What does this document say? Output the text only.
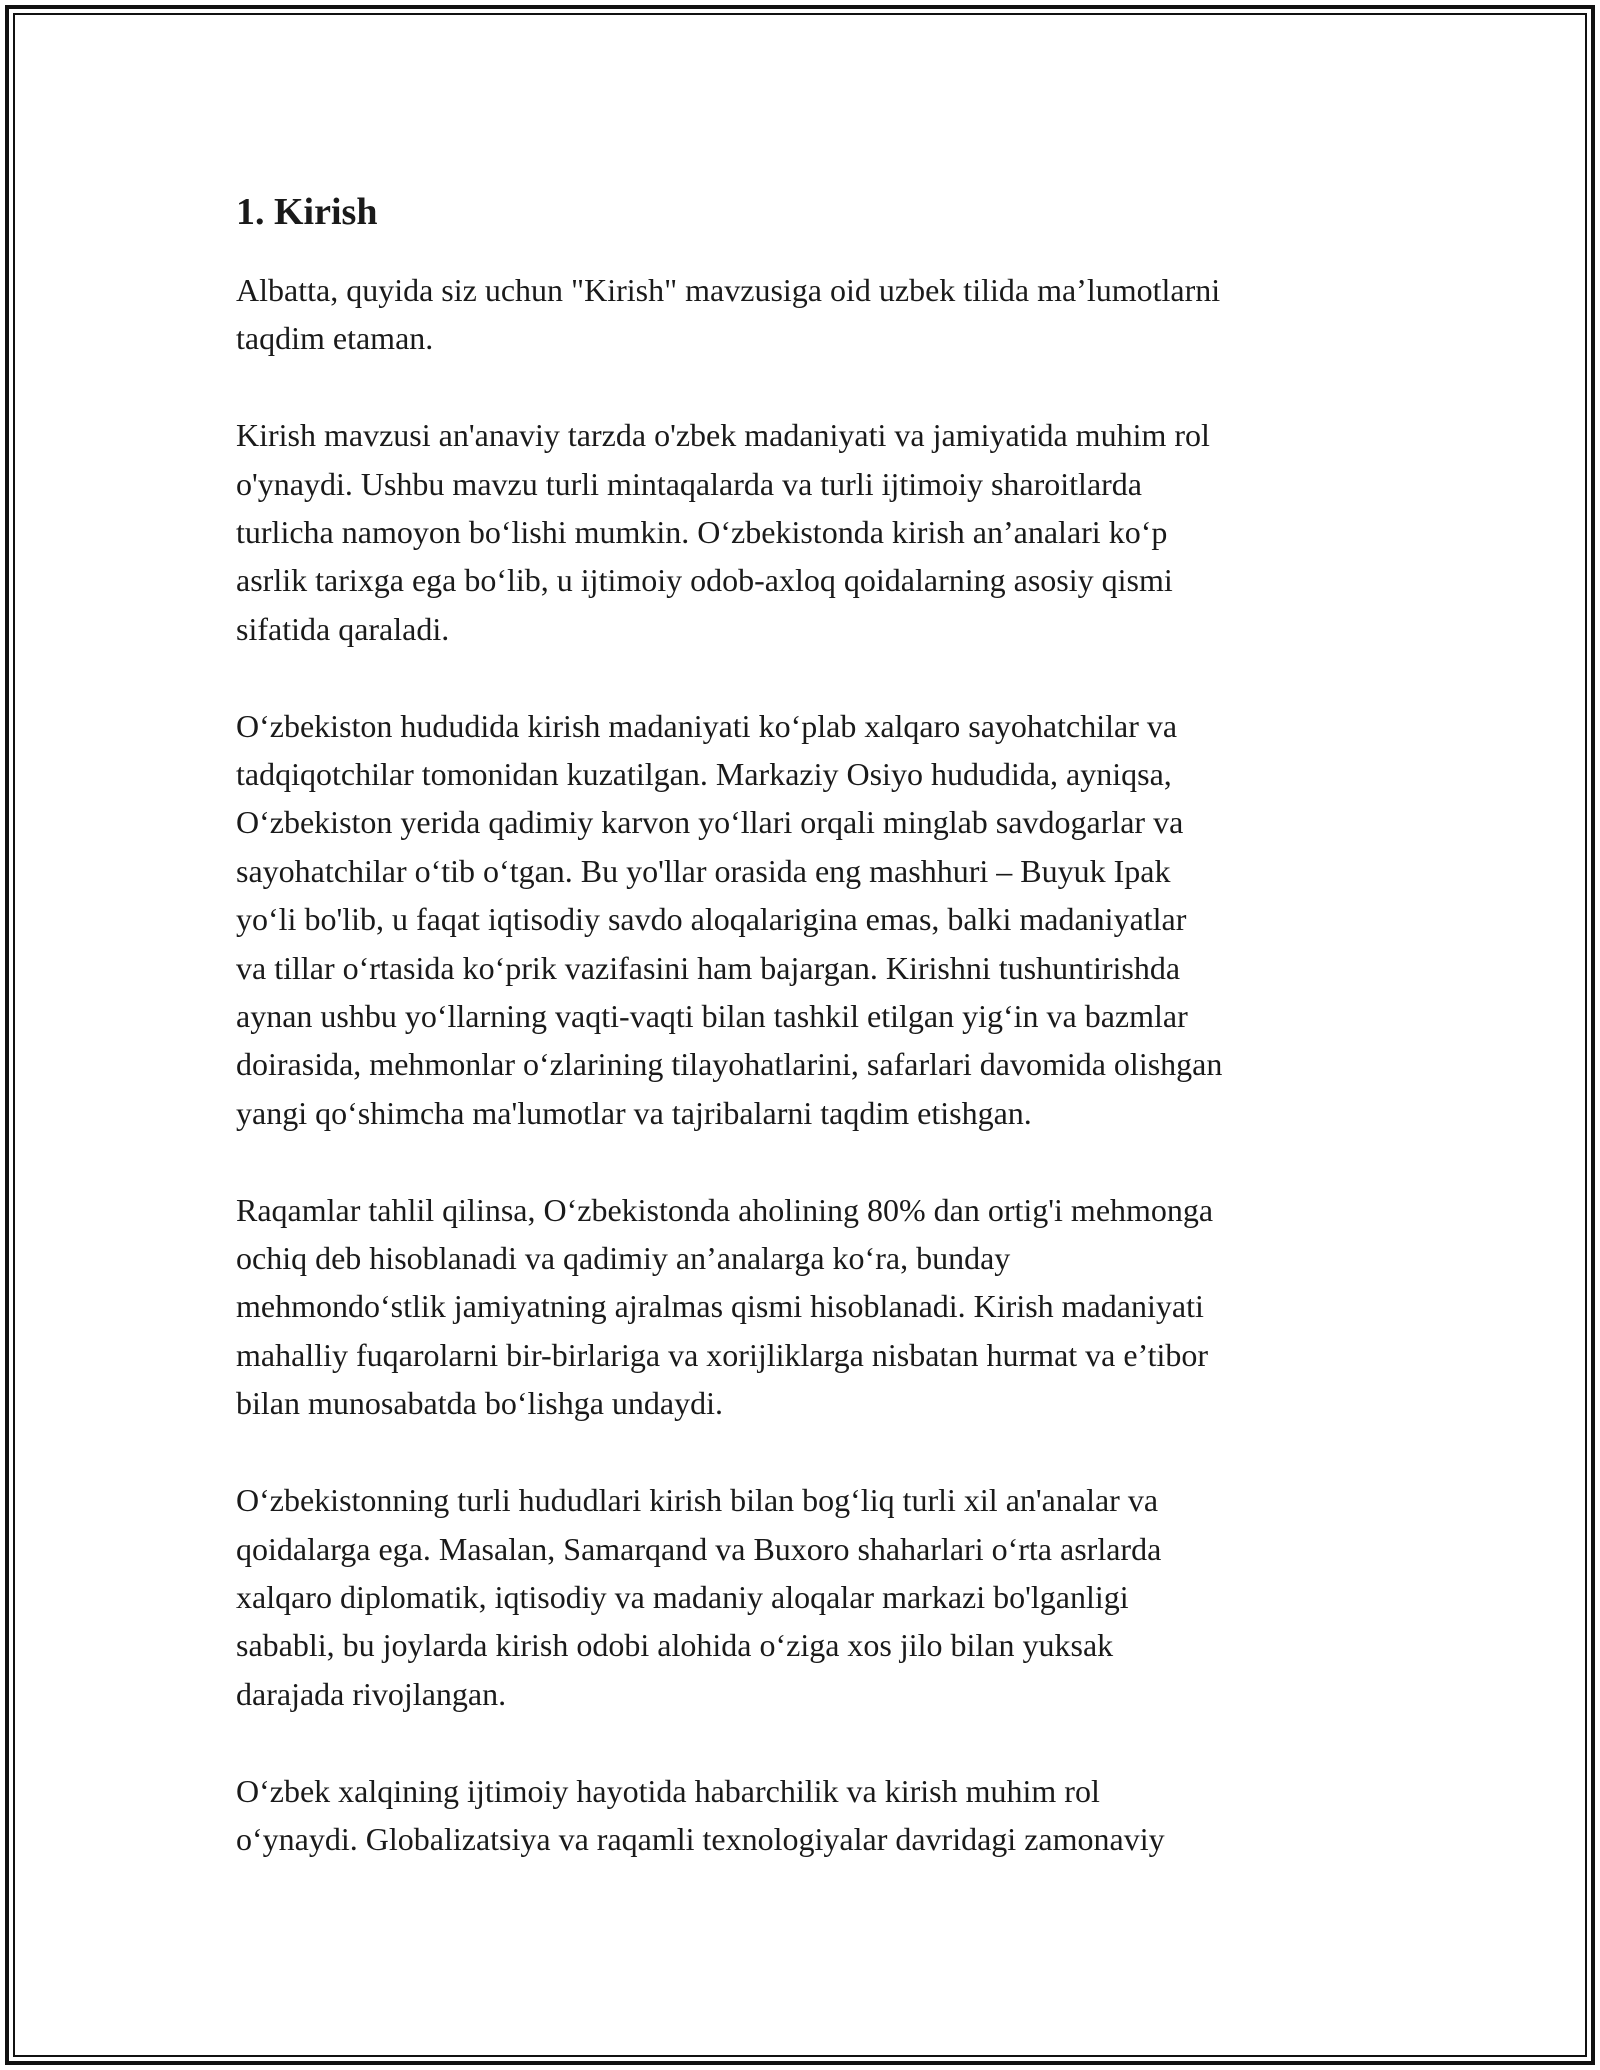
1. Kirish

Albatta, quyida siz uchun "Kirish" mavzusiga oid uzbek tilida ma’lumotlarni
taqdim etaman.

Kirish mavzusi an'anaviy tarzda o'zbek madaniyati va jamiyatida muhim rol
o'ynaydi. Ushbu mavzu turli mintaqalarda va turli ijtimoiy sharoitlarda
turlicha namoyon boʻlishi mumkin. Oʻzbekistonda kirish an’analari koʻp
asrlik tarixga ega boʻlib, u ijtimoiy odob-axloq qoidalarning asosiy qismi
sifatida qaraladi.

Oʻzbekiston hududida kirish madaniyati koʻplab xalqaro sayohatchilar va
tadqiqotchilar tomonidan kuzatilgan. Markaziy Osiyo hududida, ayniqsa,
Oʻzbekiston yerida qadimiy karvon yoʻllari orqali minglab savdogarlar va
sayohatchilar oʻtib oʻtgan. Bu yo'llar orasida eng mashhuri – Buyuk Ipak
yoʻli bo'lib, u faqat iqtisodiy savdo aloqalarigina emas, balki madaniyatlar
va tillar oʻrtasida koʻprik vazifasini ham bajargan. Kirishni tushuntirishda
aynan ushbu yoʻllarning vaqti-vaqti bilan tashkil etilgan yigʻin va bazmlar
doirasida, mehmonlar oʻzlarining tilayohatlarini, safarlari davomida olishgan
yangi qoʻshimcha ma'lumotlar va tajribalarni taqdim etishgan.

Raqamlar tahlil qilinsa, Oʻzbekistonda aholining 80% dan ortig'i mehmonga
ochiq deb hisoblanadi va qadimiy an’analarga koʻra, bunday
mehmondoʻstlik jamiyatning ajralmas qismi hisoblanadi. Kirish madaniyati
mahalliy fuqarolarni bir-birlariga va xorijliklarga nisbatan hurmat va e’tibor
bilan munosabatda boʻlishga undaydi.

Oʻzbekistonning turli hududlari kirish bilan bogʻliq turli xil an'analar va
qoidalarga ega. Masalan, Samarqand va Buxoro shaharlari oʻrta asrlarda
xalqaro diplomatik, iqtisodiy va madaniy aloqalar markazi bo'lganligi
sababli, bu joylarda kirish odobi alohida oʻziga xos jilo bilan yuksak
darajada rivojlangan.

Oʻzbek xalqining ijtimoiy hayotida habarchilik va kirish muhim rol
oʻynaydi. Globalizatsiya va raqamli texnologiyalar davridagi zamonaviy
